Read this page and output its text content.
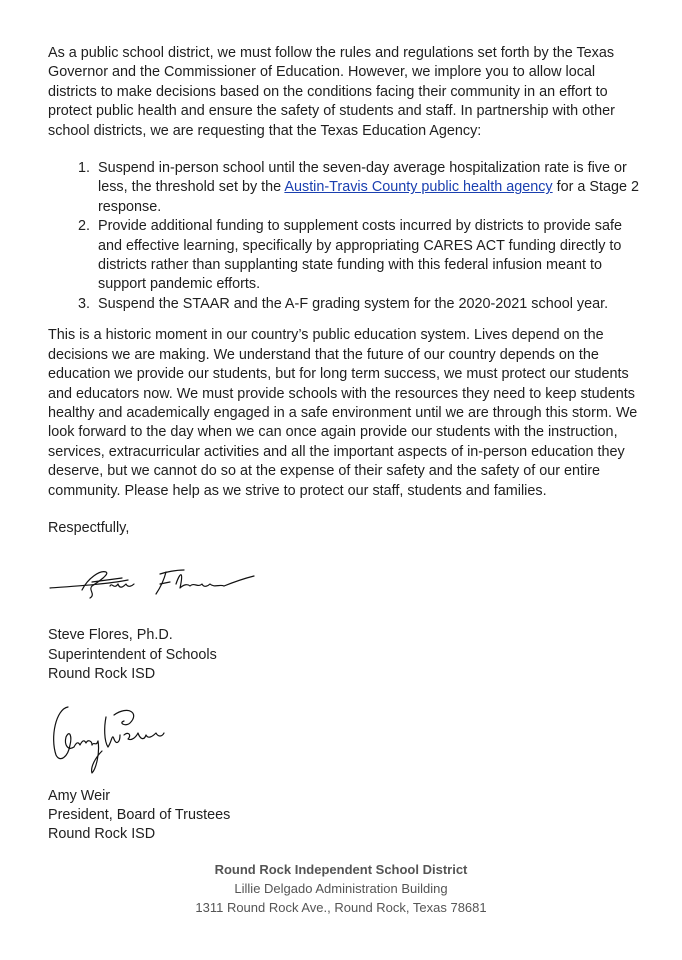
As a public school district, we must follow the rules and regulations set forth by the Texas Governor and the Commissioner of Education. However, we implore you to allow local districts to make decisions based on the conditions facing their community in an effort to protect public health and ensure the safety of students and staff. In partnership with other school districts, we are requesting that the Texas Education Agency:

1. Suspend in-person school until the seven-day average hospitalization rate is five or less, the threshold set by the Austin-Travis County public health agency for a Stage 2 response.
2. Provide additional funding to supplement costs incurred by districts to provide safe and effective learning, specifically by appropriating CARES ACT funding directly to districts rather than supplanting state funding with this federal infusion meant to support pandemic efforts.
3. Suspend the STAAR and the A-F grading system for the 2020-2021 school year.

This is a historic moment in our country’s public education system. Lives depend on the decisions we are making. We understand that the future of our country depends on the education we provide our students, but for long term success, we must protect our students and educators now. We must provide schools with the resources they need to keep students healthy and academically engaged in a safe environment until we are through this storm. We look forward to the day when we can once again provide our students with the instruction, services, extracurricular activities and all the important aspects of in-person education they deserve, but we cannot do so at the expense of their safety and the safety of our entire community. Please help as we strive to protect our staff, students and families.

Respectfully,

Steve Flores, Ph.D.

Superintendent of Schools

Round Rock ISD

Amy Weir

President, Board of Trustees

Round Rock ISD

Round Rock Independent School District
Lillie Delgado Administration Building
1311 Round Rock Ave., Round Rock, Texas 78681
